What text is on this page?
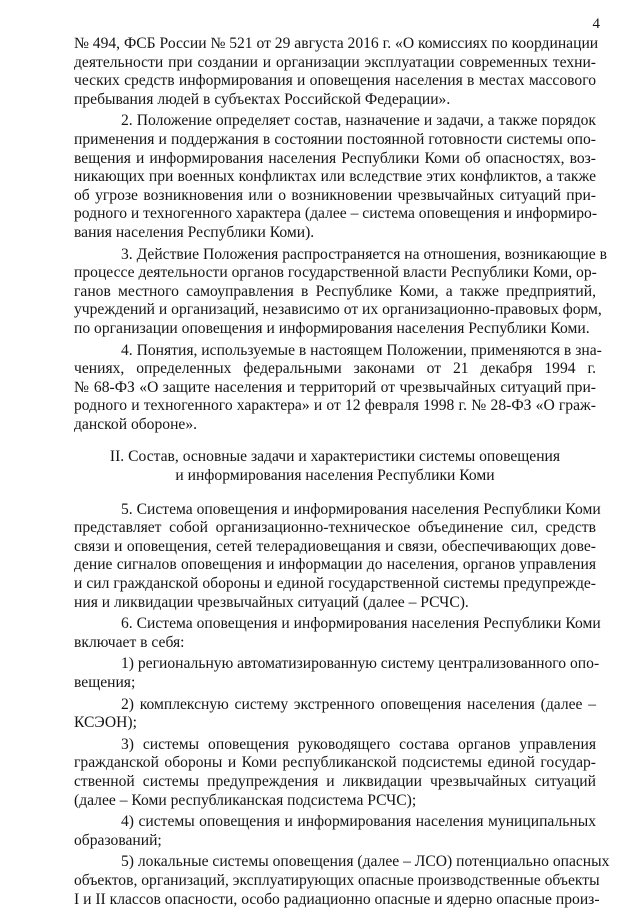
4
№ 494, ФСБ России № 521 от 29 августа 2016 г. «О комиссиях по координации
деятельности при создании и организации эксплуатации современных техни-
ческих средств информирования и оповещения населения в местах массового
пребывания людей в субъектах Российской Федерации».
2. Положение определяет состав, назначение и задачи, а также порядок
применения и поддержания в состоянии постоянной готовности системы опо-
вещения и информирования населения Республики Коми об опасностях, воз-
никающих при военных конфликтах или вследствие этих конфликтов, а также
об угрозе возникновения или о возникновении чрезвычайных ситуаций при-
родного и техногенного характера (далее – система оповещения и информиро-
вания населения Республики Коми).
3. Действие Положения распространяется на отношения, возникающие в
процессе деятельности органов государственной власти Республики Коми, ор-
ганов местного самоуправления в Республике Коми, а также предприятий,
учреждений и организаций, независимо от их организационно-правовых форм,
по организации оповещения и информирования населения Республики Коми.
4. Понятия, используемые в настоящем Положении, применяются в зна-
чениях, определенных федеральными законами от 21 декабря 1994 г.
№ 68-ФЗ «О защите населения и территорий от чрезвычайных ситуаций при-
родного и техногенного характера» и от 12 февраля 1998 г. № 28-ФЗ «О граж-
данской обороне».
II. Состав, основные задачи и характеристики системы оповещения
и информирования населения Республики Коми
5. Система оповещения и информирования населения Республики Коми
представляет собой организационно-техническое объединение сил, средств
связи и оповещения, сетей телерадиовещания и связи, обеспечивающих дове-
дение сигналов оповещения и информации до населения, органов управления
и сил гражданской обороны и единой государственной системы предупрежде-
ния и ликвидации чрезвычайных ситуаций (далее – РСЧС).
6. Система оповещения и информирования населения Республики Коми
включает в себя:
1) региональную автоматизированную систему централизованного опо-
вещения;
2) комплексную систему экстренного оповещения населения (далее –
КСЭОН);
3) системы оповещения руководящего состава органов управления
гражданской обороны и Коми республиканской подсистемы единой государ-
ственной системы предупреждения и ликвидации чрезвычайных ситуаций
(далее – Коми республиканская подсистема РСЧС);
4) системы оповещения и информирования населения муниципальных
образований;
5) локальные системы оповещения (далее – ЛСО) потенциально опасных
объектов, организаций, эксплуатирующих опасные производственные объекты
I и II классов опасности, особо радиационно опасные и ядерно опасные произ-
